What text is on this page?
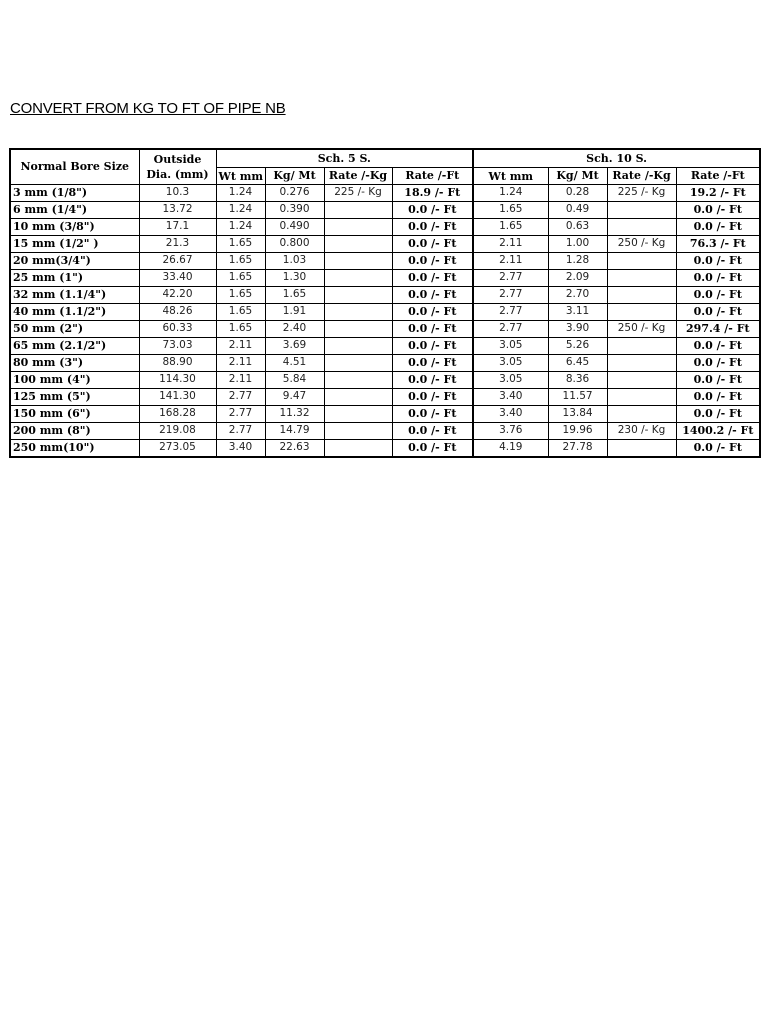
CONVERT FROM KG TO FT OF PIPE NB
Normal Bore Size	Outside Dia. (mm)	Sch. 5 S.				Sch. 10 S.			
		Wt mm	Kg/ Mt	Rate /-Kg	Rate /-Ft	Wt mm	Kg/ Mt	Rate /-Kg	Rate /-Ft
3 mm (1/8")	10.3	1.24	0.276	225 /- Kg	18.9 /- Ft	1.24	0.28	225 /- Kg	19.2 /- Ft
6 mm (1/4")	13.72	1.24	0.390		0.0 /- Ft	1.65	0.49		0.0 /- Ft
10 mm (3/8")	17.1	1.24	0.490		0.0 /- Ft	1.65	0.63		0.0 /- Ft
15 mm (1/2" )	21.3	1.65	0.800		0.0 /- Ft	2.11	1.00	250 /- Kg	76.3 /- Ft
20 mm(3/4")	26.67	1.65	1.03		0.0 /- Ft	2.11	1.28		0.0 /- Ft
25 mm (1")	33.40	1.65	1.30		0.0 /- Ft	2.77	2.09		0.0 /- Ft
32 mm (1.1/4")	42.20	1.65	1.65		0.0 /- Ft	2.77	2.70		0.0 /- Ft
40 mm (1.1/2")	48.26	1.65	1.91		0.0 /- Ft	2.77	3.11		0.0 /- Ft
50 mm (2")	60.33	1.65	2.40		0.0 /- Ft	2.77	3.90	250 /- Kg	297.4 /- Ft
65 mm (2.1/2")	73.03	2.11	3.69		0.0 /- Ft	3.05	5.26		0.0 /- Ft
80 mm (3")	88.90	2.11	4.51		0.0 /- Ft	3.05	6.45		0.0 /- Ft
100 mm (4")	114.30	2.11	5.84		0.0 /- Ft	3.05	8.36		0.0 /- Ft
125 mm (5")	141.30	2.77	9.47		0.0 /- Ft	3.40	11.57		0.0 /- Ft
150 mm (6")	168.28	2.77	11.32		0.0 /- Ft	3.40	13.84		0.0 /- Ft
200 mm (8")	219.08	2.77	14.79		0.0 /- Ft	3.76	19.96	230 /- Kg	1400.2 /- Ft
250 mm(10")	273.05	3.40	22.63		0.0 /- Ft	4.19	27.78		0.0 /- Ft
